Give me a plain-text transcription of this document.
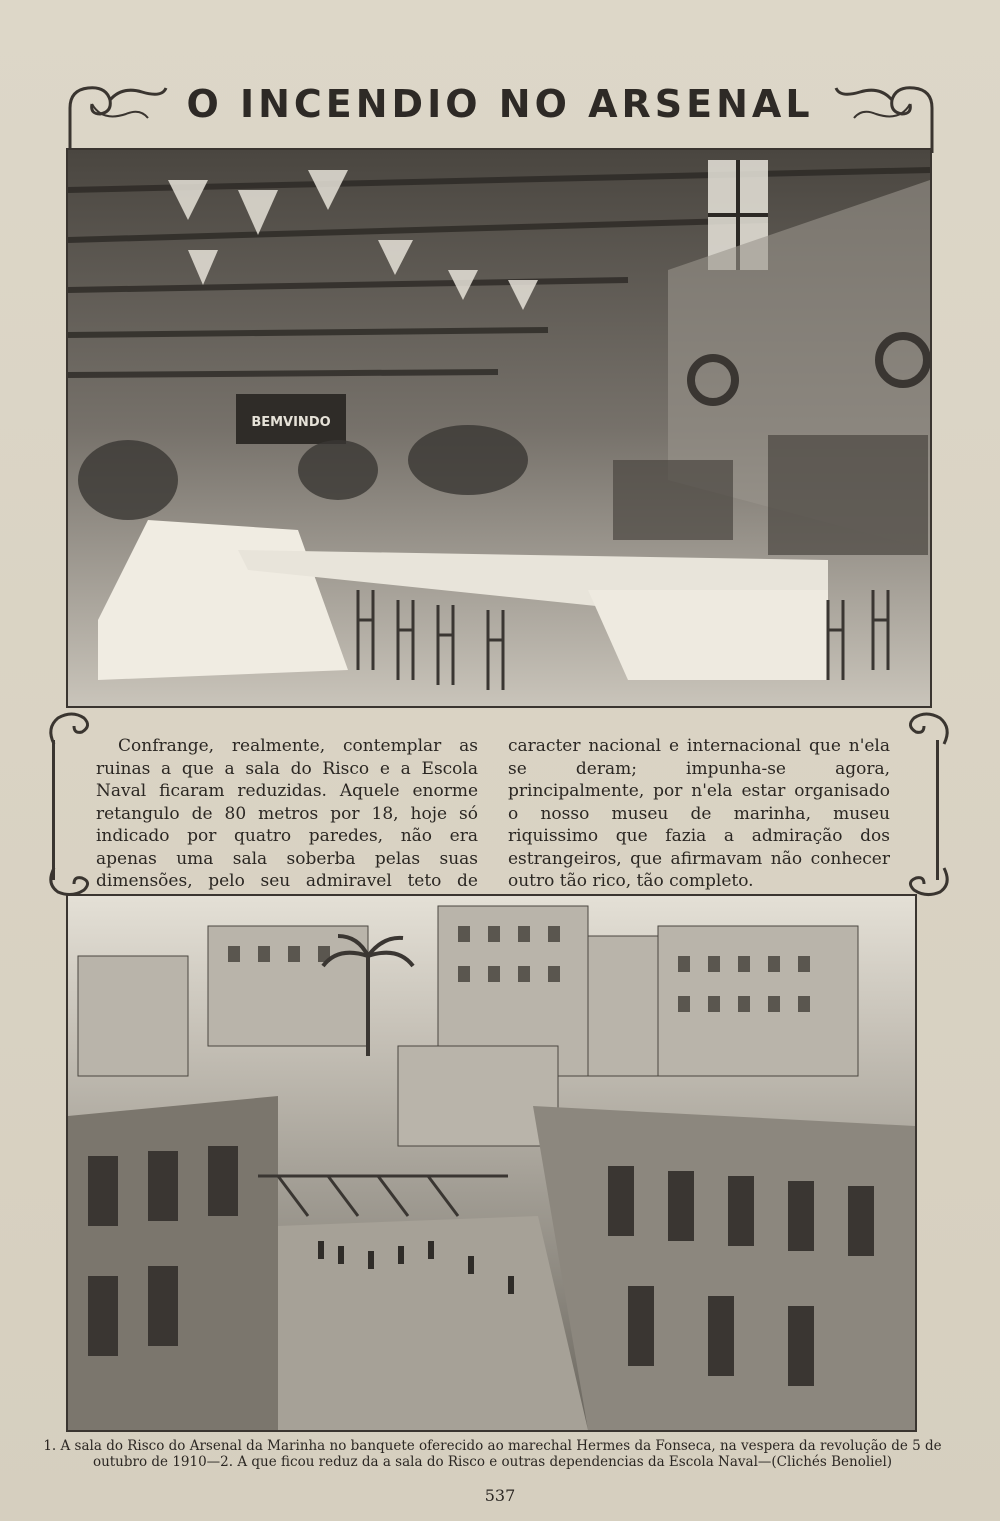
O INCENDIO NO ARSENAL
BEMVINDO

Confrange, realmente, contemplar as ruinas a que a sala do Risco e a Escola Naval ficaram reduzidas. Aquele enorme retangulo de 80 metros por 18, hoje só indicado por quatro paredes, não era apenas uma sala soberba pelas suas dimensões, pelo seu admiravel teto de

caracter nacional e internacional que n'ela se deram; impunha-se agora, principalmente, por n'ela estar organisado o nosso museu de marinha, museu riquissimo que fazia a admiração dos estrangeiros, que afirmavam não conhecer outro tão rico, tão completo.

1. A sala do Risco do Arsenal da Marinha no banquete oferecido ao marechal Hermes da Fonseca, na vespera da revolução de 5 de outubro de 1910—2. A que ficou reduz da a sala do Risco e outras dependencias da Escola Naval—(Clichés Benoliel)
537
